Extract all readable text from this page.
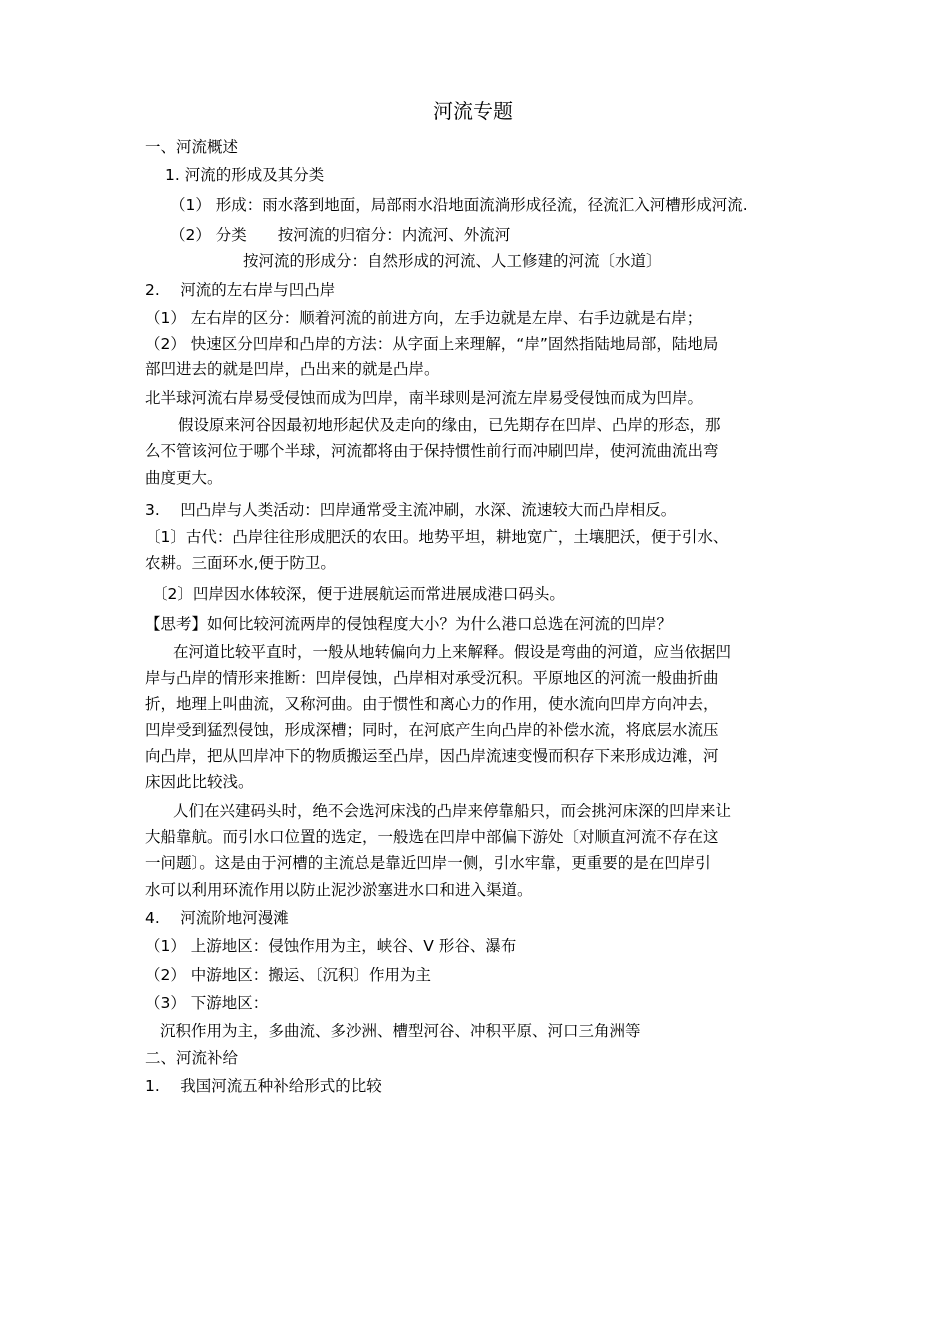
河流专题
一、河流概述
1. 河流的形成及其分类
（1） 形成：雨水落到地面，局部雨水沿地面流淌形成径流，径流汇入河槽形成河流.
（2） 分类　　按河流的归宿分：内流河、外流河
按河流的形成分：自然形成的河流、人工修建的河流〔水道〕
2.　 河流的左右岸与凹凸岸
（1） 左右岸的区分：顺着河流的前进方向，左手边就是左岸、右手边就是右岸；
（2） 快速区分凹岸和凸岸的方法：从字面上来理解，“岸”固然指陆地局部，陆地局
部凹进去的就是凹岸，凸出来的就是凸岸。
北半球河流右岸易受侵蚀而成为凹岸，南半球则是河流左岸易受侵蚀而成为凹岸。
假设原来河谷因最初地形起伏及走向的缘由，已先期存在凹岸、凸岸的形态，那
么不管该河位于哪个半球，河流都将由于保持惯性前行而冲刷凹岸，使河流曲流出弯
曲度更大。
3.　 凹凸岸与人类活动：凹岸通常受主流冲刷，水深、流速较大而凸岸相反。
〔1〕古代：凸岸往往形成肥沃的农田。地势平坦，耕地宽广，土壤肥沃，便于引水、
农耕。三面环水,便于防卫。
〔2〕凹岸因水体较深，便于进展航运而常进展成港口码头。
【思考】如何比较河流两岸的侵蚀程度大小？为什么港口总选在河流的凹岸？
在河道比较平直时，一般从地转偏向力上来解释。假设是弯曲的河道，应当依据凹
岸与凸岸的情形来推断：凹岸侵蚀，凸岸相对承受沉积。平原地区的河流一般曲折曲
折，地理上叫曲流，又称河曲。由于惯性和离心力的作用，使水流向凹岸方向冲去，
凹岸受到猛烈侵蚀，形成深槽；同时，在河底产生向凸岸的补偿水流，将底层水流压
向凸岸，把从凹岸冲下的物质搬运至凸岸，因凸岸流速变慢而积存下来形成边滩，河
床因此比较浅。
人们在兴建码头时，绝不会选河床浅的凸岸来停靠船只，而会挑河床深的凹岸来让
大船靠航。而引水口位置的选定，一般选在凹岸中部偏下游处〔对顺直河流不存在这
一问题〕。这是由于河槽的主流总是靠近凹岸一侧，引水牢靠，更重要的是在凹岸引
水可以利用环流作用以防止泥沙淤塞进水口和进入渠道。
4.　 河流阶地河漫滩
（1） 上游地区：侵蚀作用为主，峡谷、V 形谷、瀑布
（2） 中游地区：搬运、〔沉积〕作用为主
（3） 下游地区：
沉积作用为主，多曲流、多沙洲、槽型河谷、冲积平原、河口三角洲等
二、河流补给
1.　 我国河流五种补给形式的比较
